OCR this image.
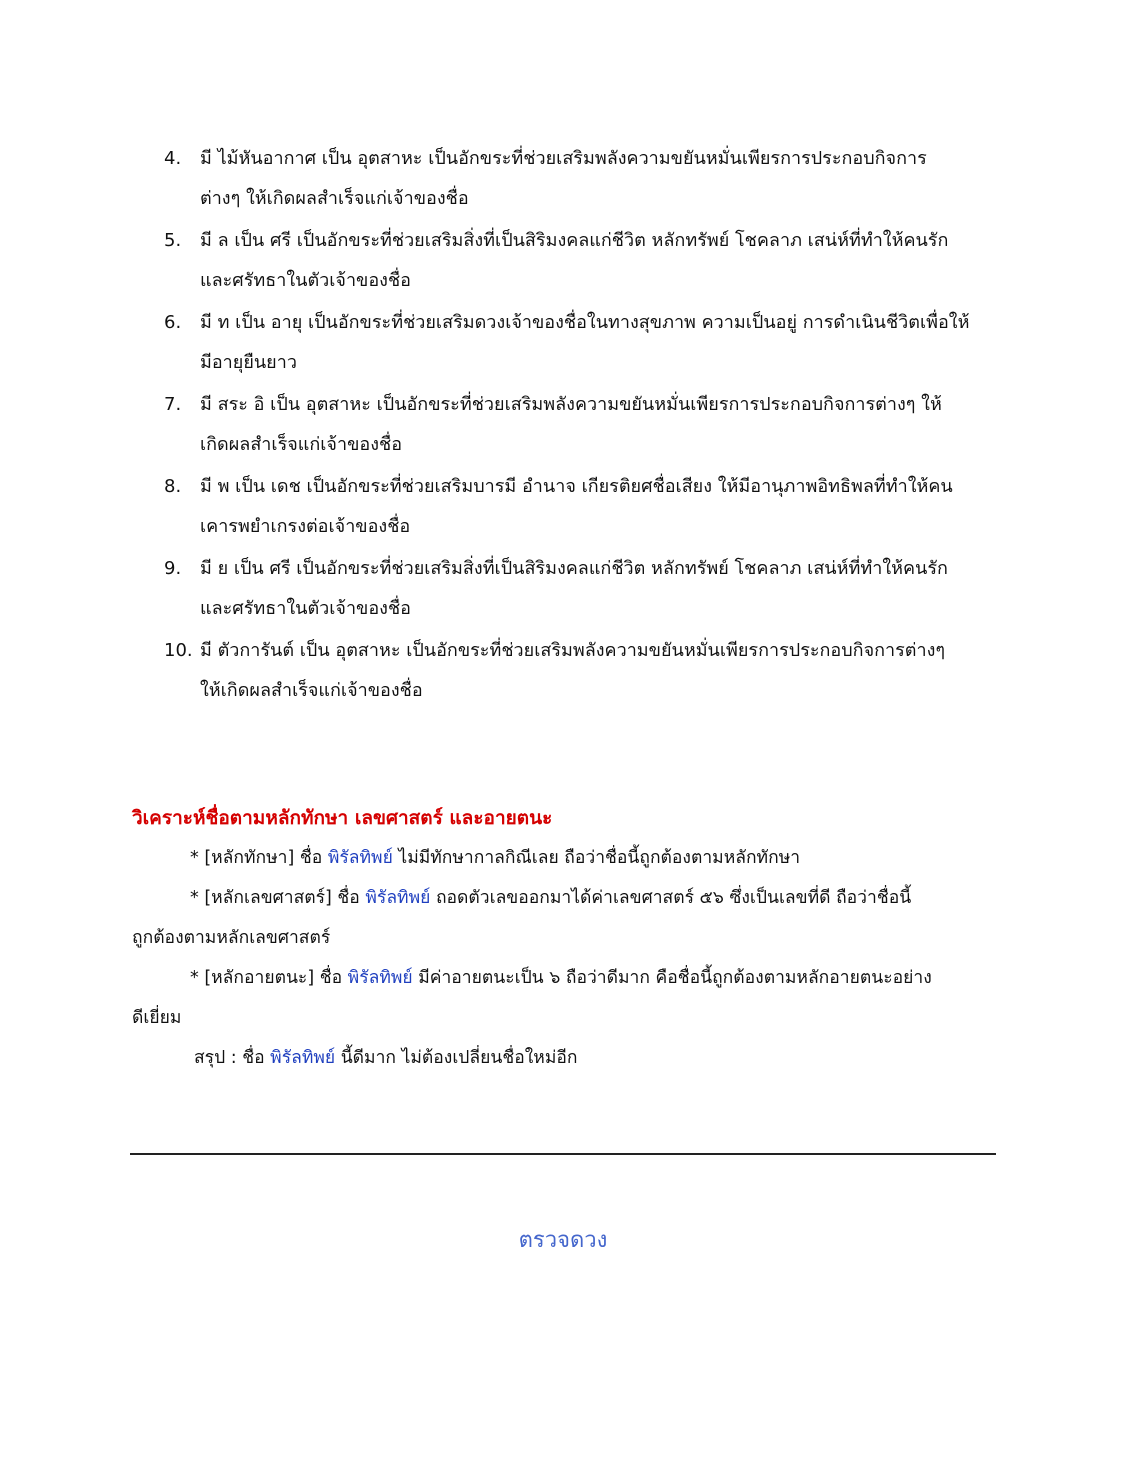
4. มี ไม้หันอากาศ เป็น อุตสาหะ เป็นอักขระที่ช่วยเสริมพลังความขยันหมั่นเพียรการประกอบกิจการ
ต่างๆ ให้เกิดผลสำเร็จแก่เจ้าของชื่อ
5. มี ล เป็น ศรี เป็นอักขระที่ช่วยเสริมสิ่งที่เป็นสิริมงคลแก่ชีวิต หลักทรัพย์ โชคลาภ เสน่ห์ที่ทำให้คนรัก
และศรัทธาในตัวเจ้าของชื่อ
6. มี ท เป็น อายุ เป็นอักขระที่ช่วยเสริมดวงเจ้าของชื่อในทางสุขภาพ ความเป็นอยู่ การดำเนินชีวิตเพื่อให้
มีอายุยืนยาว
7. มี สระ อิ เป็น อุตสาหะ เป็นอักขระที่ช่วยเสริมพลังความขยันหมั่นเพียรการประกอบกิจการต่างๆ ให้
เกิดผลสำเร็จแก่เจ้าของชื่อ
8. มี พ เป็น เดช เป็นอักขระที่ช่วยเสริมบารมี อำนาจ เกียรติยศชื่อเสียง ให้มีอานุภาพอิทธิพลที่ทำให้คน
เคารพยำเกรงต่อเจ้าของชื่อ
9. มี ย เป็น ศรี เป็นอักขระที่ช่วยเสริมสิ่งที่เป็นสิริมงคลแก่ชีวิต หลักทรัพย์ โชคลาภ เสน่ห์ที่ทำให้คนรัก
และศรัทธาในตัวเจ้าของชื่อ
10. มี ตัวการันต์ เป็น อุตสาหะ เป็นอักขระที่ช่วยเสริมพลังความขยันหมั่นเพียรการประกอบกิจการต่างๆ
ให้เกิดผลสำเร็จแก่เจ้าของชื่อ

วิเคราะห์ชื่อตามหลักทักษา เลขศาสตร์ และอายตนะ

* [หลักทักษา] ชื่อ พิรัลทิพย์ ไม่มีทักษากาลกิณีเลย ถือว่าชื่อนี้ถูกต้องตามหลักทักษา

* [หลักเลขศาสตร์] ชื่อ พิรัลทิพย์ ถอดตัวเลขออกมาได้ค่าเลขศาสตร์ ๕๖ ซึ่งเป็นเลขที่ดี ถือว่าชื่อนี้
ถูกต้องตามหลักเลขศาสตร์

* [หลักอายตนะ] ชื่อ พิรัลทิพย์ มีค่าอายตนะเป็น ๖ ถือว่าดีมาก คือชื่อนี้ถูกต้องตามหลักอายตนะอย่าง
ดีเยี่ยม

สรุป : ชื่อ พิรัลทิพย์ นี้ดีมาก ไม่ต้องเปลี่ยนชื่อใหม่อีก

ตรวจดวง
